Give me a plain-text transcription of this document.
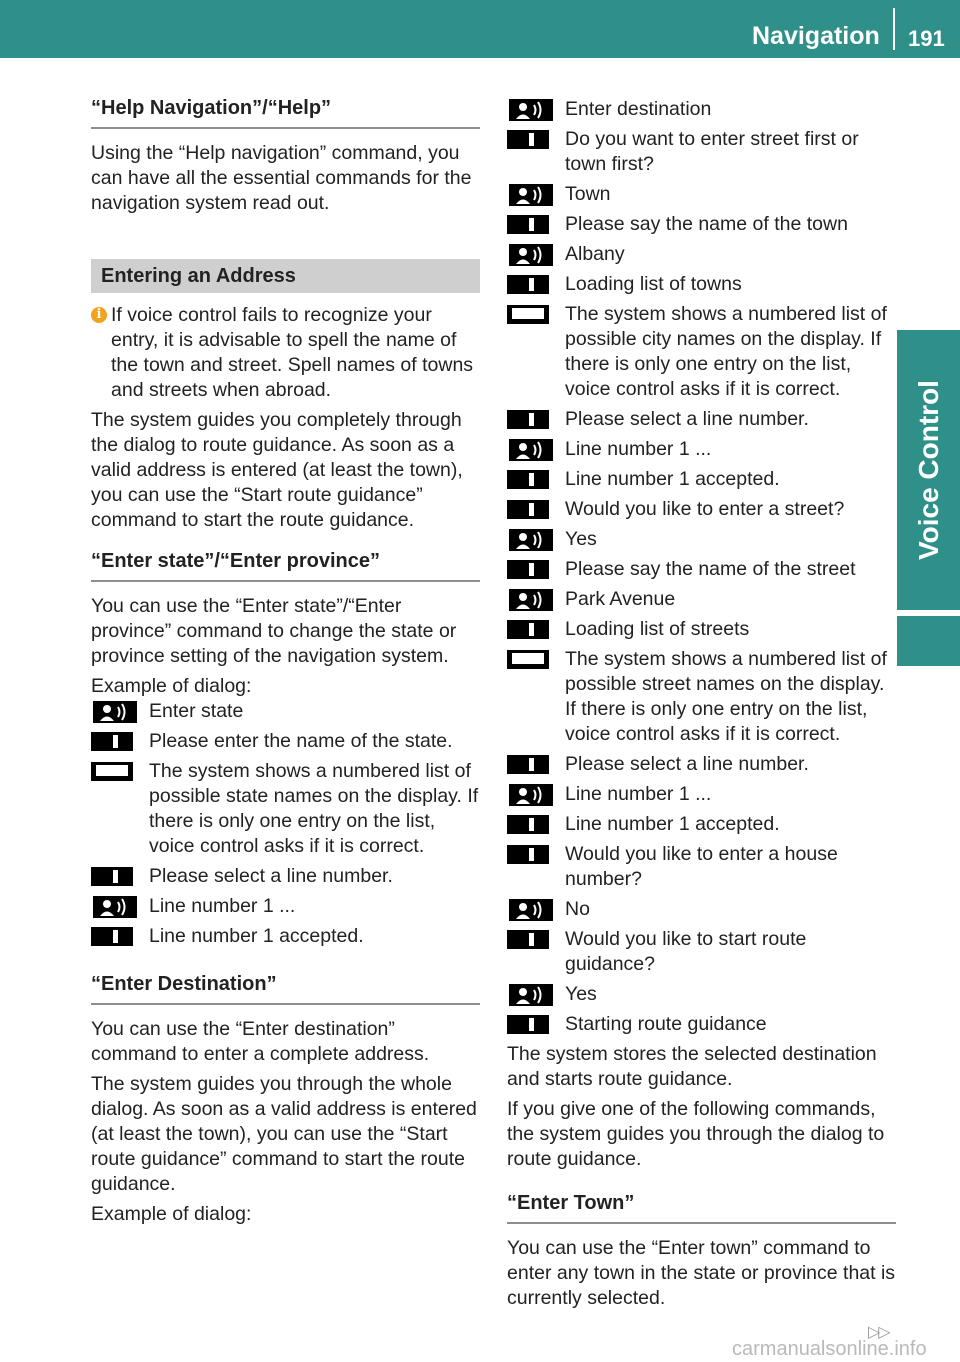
Navigation 191
Voice Control
“Help Navigation”/“Help”

Using the “Help navigation” command, you can have all the essential commands for the navigation system read out.

Entering an Address

i If voice control fails to recognize your entry, it is advisable to spell the name of the town and street. Spell names of towns and streets when abroad.

The system guides you completely through the dialog to route guidance. As soon as a valid address is entered (at least the town), you can use the “Start route guidance” command to start the route guidance.

“Enter state”/“Enter province”

You can use the “Enter state”/“Enter province” command to change the state or province setting of the navigation system.

Example of dialog:

Enter state
Please enter the name of the state.
The system shows a numbered list of possible state names on the display. If there is only one entry on the list, voice control asks if it is correct.
Please select a line number.
Line number 1 ...
Line number 1 accepted.
“Enter Destination”

You can use the “Enter destination” command to enter a complete address.

The system guides you through the whole dialog. As soon as a valid address is entered (at least the town), you can use the “Start route guidance” command to start the route guidance.

Example of dialog:

Enter destination
Do you want to enter street first or town first?
Town
Please say the name of the town
Albany
Loading list of towns
The system shows a numbered list of possible city names on the display. If there is only one entry on the list, voice control asks if it is correct.
Please select a line number.
Line number 1 ...
Line number 1 accepted.
Would you like to enter a street?
Yes
Please say the name of the street
Park Avenue
Loading list of streets
The system shows a numbered list of possible street names on the display. If there is only one entry on the list, voice control asks if it is correct.
Please select a line number.
Line number 1 ...
Line number 1 accepted.
Would you like to enter a house number?
No
Would you like to start route guidance?
Yes
Starting route guidance

The system stores the selected destination and starts route guidance.

If you give one of the following commands, the system guides you through the dialog to route guidance.

“Enter Town”

You can use the “Enter town” command to enter any town in the state or province that is currently selected.

▷▷
carmanualsonline.info
